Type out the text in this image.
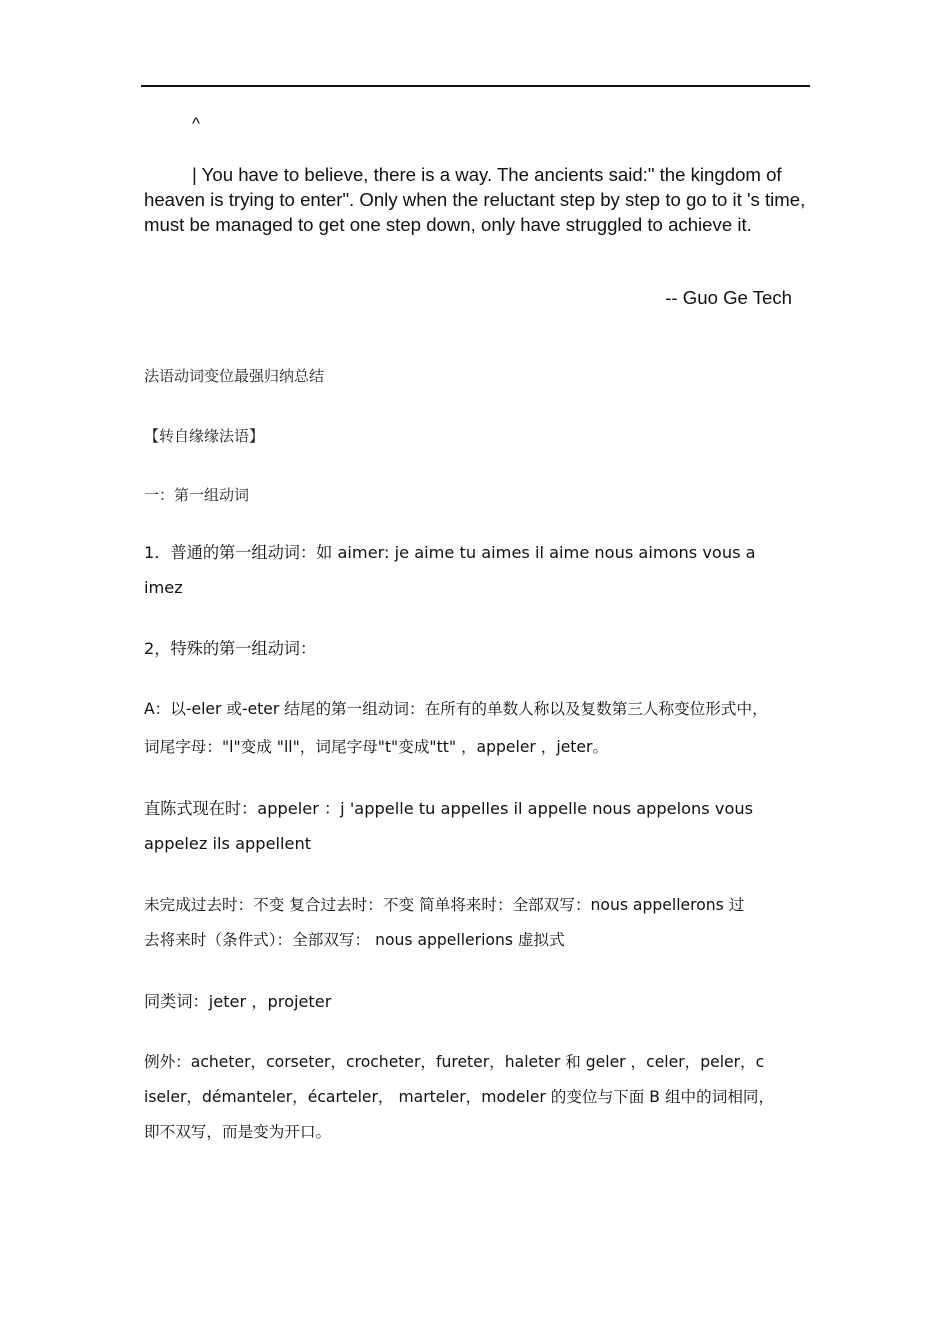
^

| You have to believe, there is a way. The ancients said:" the kingdom of heaven is trying to enter". Only when the reluctant step by step to go to it 's time, must be managed to get one step down, only have struggled to achieve it.

-- Guo Ge Tech

法语动词变位最强归纳总结

【转自缘缘法语】

一：第一组动词

1．普通的第一组动词：如 aimer: je aime tu aimes il aime nous aimons vous a
imez

2，特殊的第一组动词：

A：以-eler 或-eter 结尾的第一组动词：在所有的单数人称以及复数第三人称变位形式中，
词尾字母："l"变成 "ll"，词尾字母"t"变成"tt" ，appeler ，jeter。

直陈式现在时：appeler ：j 'appelle tu appelles il appelle nous appelons vous
appelez ils appellent

未完成过去时：不变 复合过去时：不变 简单将来时：全部双写：nous appellerons 过
去将来时（条件式）：全部双写： nous appellerions 虚拟式

同类词：jeter ，projeter

例外：acheter，corseter，crocheter，fureter，haleter 和 geler ，celer，peler，c
iseler，démanteler，écarteler， marteler，modeler 的变位与下面 B 组中的词相同，
即不双写，而是变为开口。
